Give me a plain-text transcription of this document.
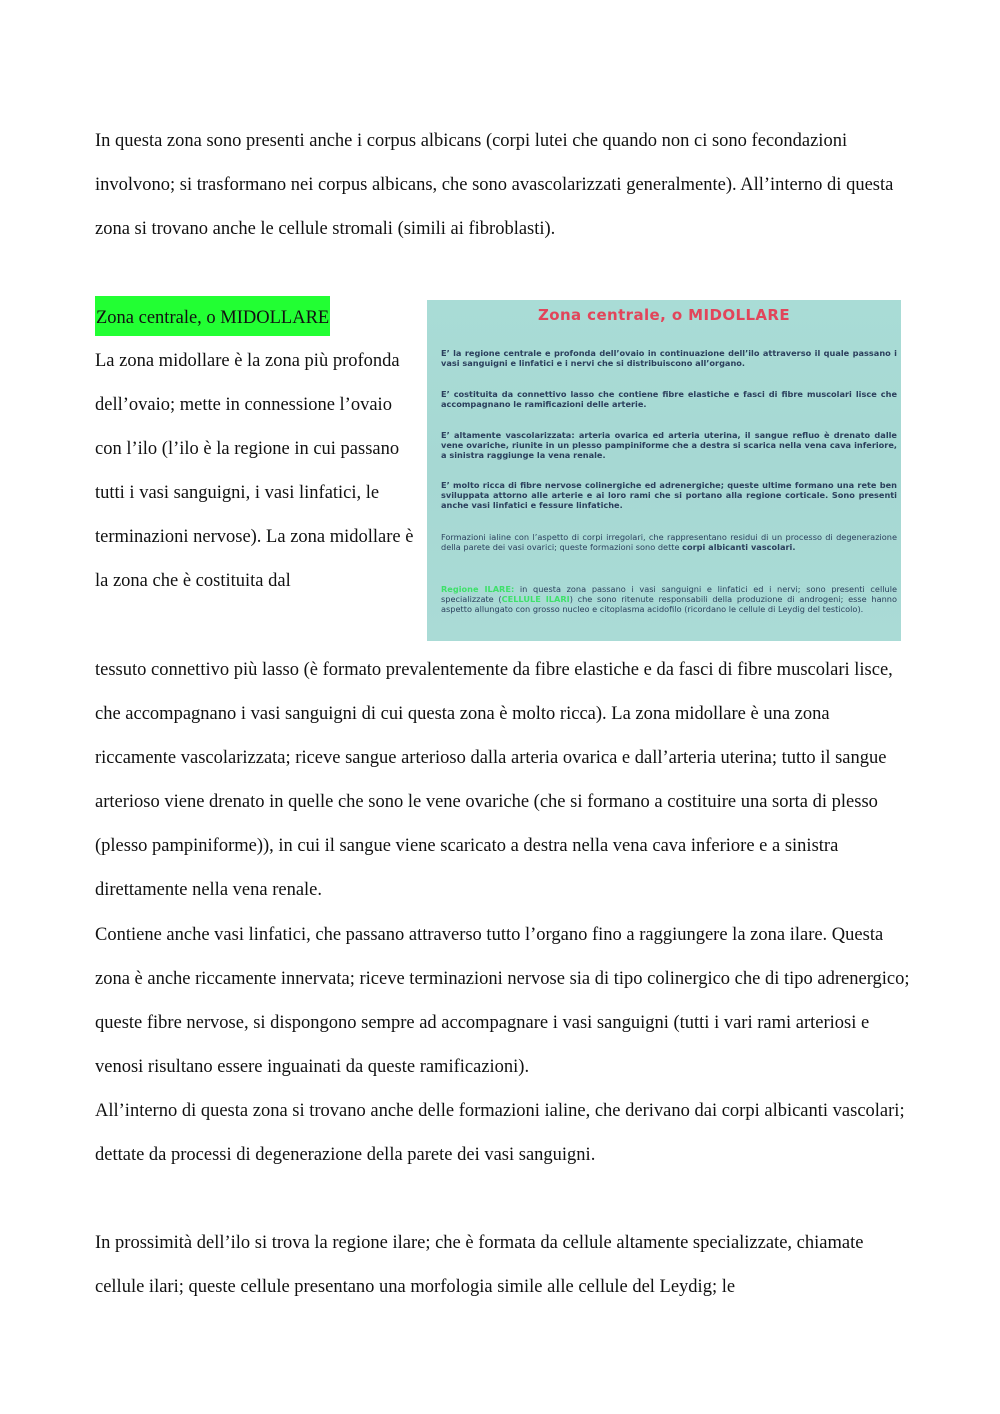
In questa zona sono presenti anche i corpus albicans (corpi lutei che quando non ci sono fecondazioni involvono; si trasformano nei corpus albicans, che sono avascolarizzati generalmente). All’interno di questa zona si trovano anche le cellule stromali (simili ai fibroblasti).

Zona centrale, o MIDOLLARE

La zona midollare è la zona più profonda dell’ovaio; mette in connessione l’ovaio con l’ilo (l’ilo è la regione in cui passano tutti i vasi sanguigni, i vasi linfatici, le terminazioni nervose). La zona midollare è la zona che è costituita dal

Zona centrale, o MIDOLLARE

E’ la regione centrale e profonda dell’ovaio in continuazione dell’ilo attraverso il quale passano i vasi sanguigni e linfatici e i nervi che si distribuiscono all’organo.

E’ costituita da connettivo lasso che contiene fibre elastiche e fasci di fibre muscolari lisce che accompagnano le ramificazioni delle arterie.

E’ altamente vascolarizzata: arteria ovarica ed arteria uterina, il sangue refluo è drenato dalle vene ovariche, riunite in un plesso pampiniforme che a destra si scarica nella vena cava inferiore, a sinistra raggiunge la vena renale.

E’ molto ricca di fibre nervose colinergiche ed adrenergiche; queste ultime formano una rete ben sviluppata attorno alle arterie e ai loro rami che si portano alla regione corticale. Sono presenti anche vasi linfatici e fessure linfatiche.

Formazioni ialine con l’aspetto di corpi irregolari, che rappresentano residui di un processo di degenerazione della parete dei vasi ovarici; queste formazioni sono dette corpi albicanti vascolari.

Regione ILARE: in questa zona passano i vasi sanguigni e linfatici ed i nervi; sono presenti cellule specializzate (CELLULE ILARI) che sono ritenute responsabili della produzione di androgeni; esse hanno aspetto allungato con grosso nucleo e citoplasma acidofilo (ricordano le cellule di Leydig del testicolo).

tessuto connettivo più lasso (è formato prevalentemente da fibre elastiche e da fasci di fibre muscolari lisce, che accompagnano i vasi sanguigni di cui questa zona è molto ricca). La zona midollare è una zona riccamente vascolarizzata; riceve sangue arterioso dalla arteria ovarica e dall’arteria uterina; tutto il sangue arterioso viene drenato in quelle che sono le vene ovariche (che si formano a costituire una sorta di plesso (plesso pampiniforme)), in cui il sangue viene scaricato a destra nella vena cava inferiore e a sinistra direttamente nella vena renale.

Contiene anche vasi linfatici, che passano attraverso tutto l’organo fino a raggiungere la zona ilare. Questa zona è anche riccamente innervata; riceve terminazioni nervose sia di tipo colinergico che di tipo adrenergico; queste fibre nervose, si dispongono sempre ad accompagnare i vasi sanguigni (tutti i vari rami arteriosi e venosi risultano essere inguainati da queste ramificazioni).

All’interno di questa zona si trovano anche delle formazioni ialine, che derivano dai corpi albicanti vascolari; dettate da processi di degenerazione della parete dei vasi sanguigni.

In prossimità dell’ilo si trova la regione ilare; che è formata da cellule altamente specializzate, chiamate cellule ilari; queste cellule presentano una morfologia simile alle cellule del Leydig; le
